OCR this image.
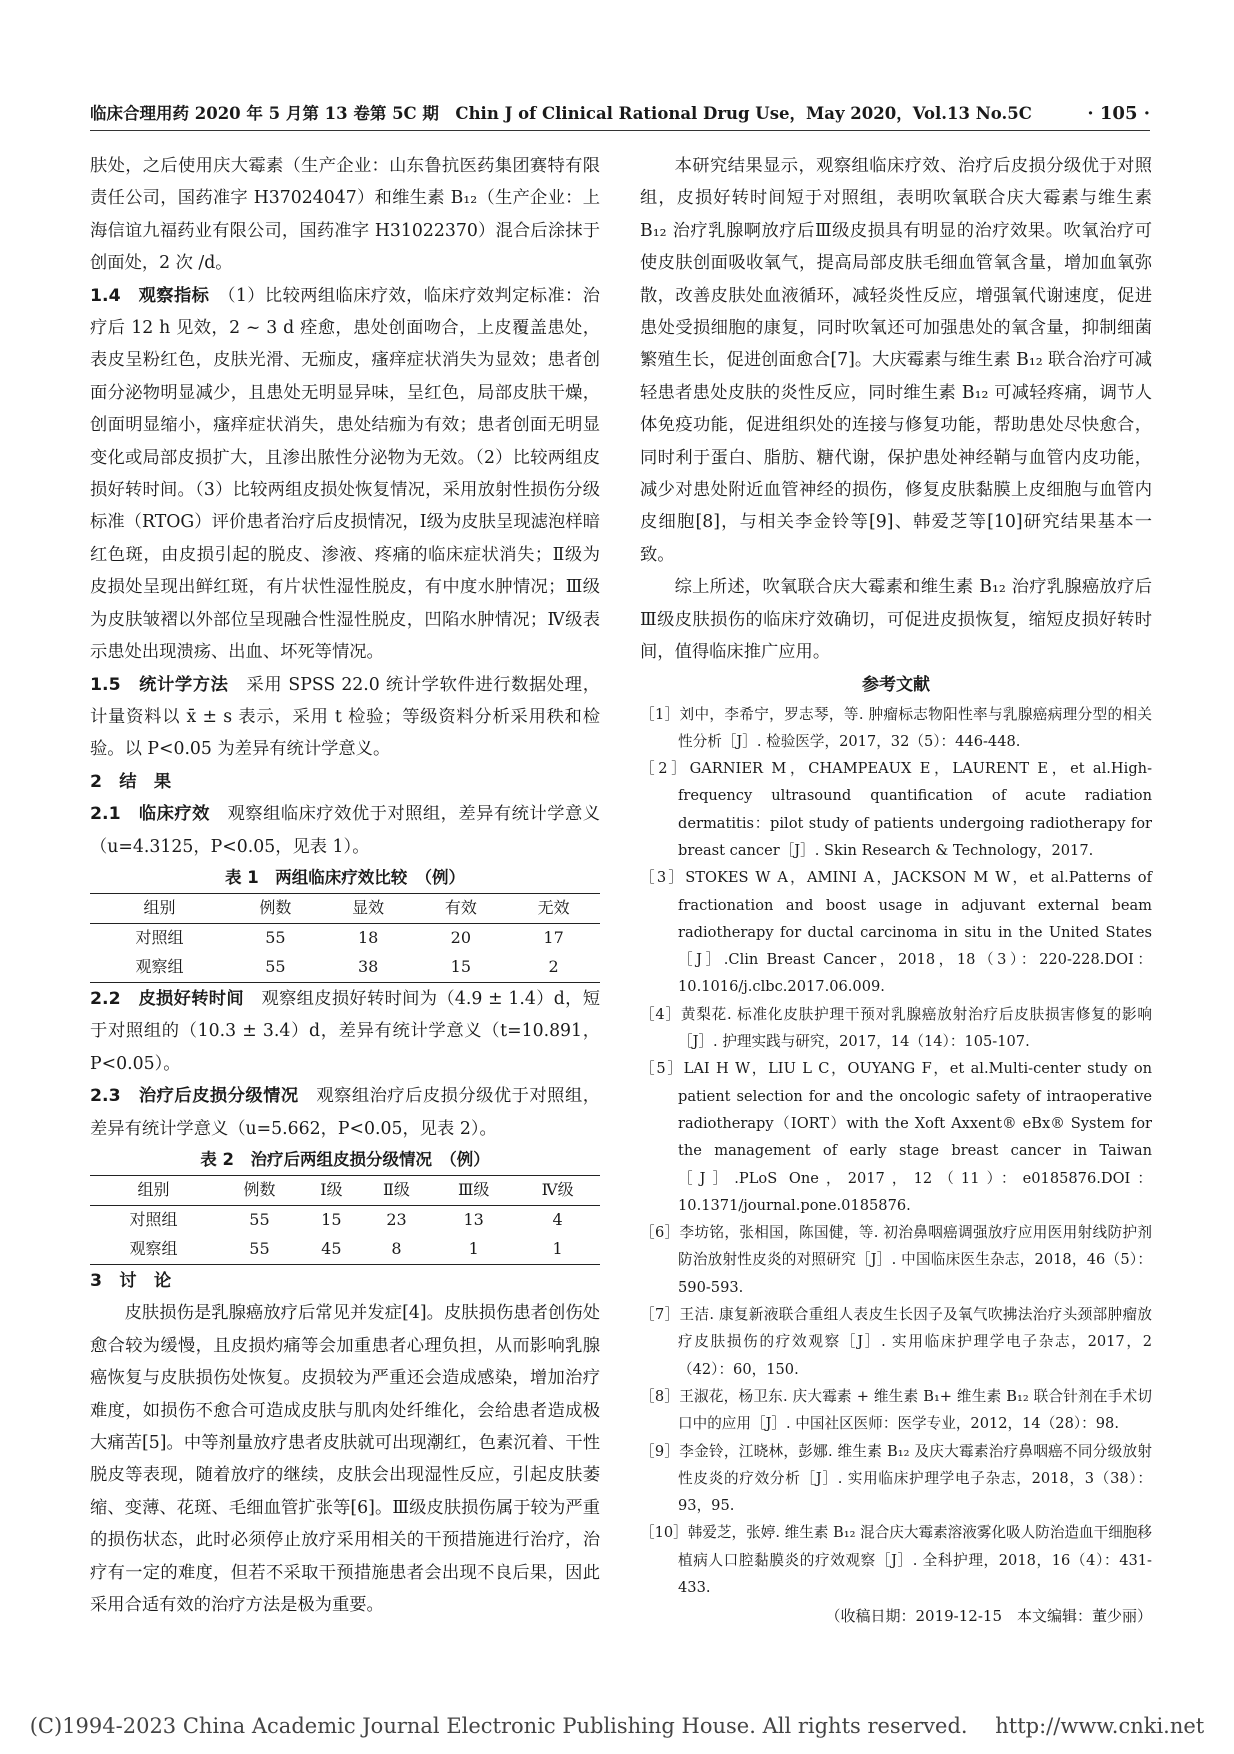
临床合理用药 2020 年 5 月第 13 卷第 5C 期　Chin J of Clinical Rational Drug Use，May 2020，Vol.13 No.5C	· 105 ·

肤处，之后使用庆大霉素（生产企业：山东鲁抗医药集团赛特有限责任公司，国药准字 H37024047）和维生素 B₁₂（生产企业：上海信谊九福药业有限公司，国药准字 H31022370）混合后涂抹于创面处，2 次 /d。

1.4　观察指标　 （1）比较两组临床疗效，临床疗效判定标准：治疗后 12 h 见效，2 ~ 3 d 痊愈，患处创面吻合，上皮覆盖患处，表皮呈粉红色，皮肤光滑、无痂皮，瘙痒症状消失为显效；患者创面分泌物明显减少，且患处无明显异味，呈红色，局部皮肤干燥，创面明显缩小，瘙痒症状消失，患处结痂为有效；患者创面无明显变化或局部皮损扩大，且渗出脓性分泌物为无效。（2）比较两组皮损好转时间。（3）比较两组皮损处恢复情况，采用放射性损伤分级标准（RTOG）评价患者治疗后皮损情况，Ⅰ级为皮肤呈现滤泡样暗红色斑，由皮损引起的脱皮、渗液、疼痛的临床症状消失；Ⅱ级为皮损处呈现出鲜红斑，有片状性湿性脱皮，有中度水肿情况；Ⅲ级为皮肤皱褶以外部位呈现融合性湿性脱皮，凹陷水肿情况；Ⅳ级表示患处出现溃疡、出血、坏死等情况。

1.5　统计学方法　 采用 SPSS 22.0 统计学软件进行数据处理，计量资料以 x̄ ± s 表示，采用 t 检验；等级资料分析采用秩和检验。以 P<0.05 为差异有统计学意义。

2　结　果

2.1　临床疗效　 观察组临床疗效优于对照组，差异有统计学意义（u=4.3125，P<0.05，见表 1）。

表 1　两组临床疗效比较　（例）

组别	例数	显效	有效	无效
对照组	55	18	20	17
观察组	55	38	15	2

2.2　皮损好转时间　 观察组皮损好转时间为（4.9 ± 1.4）d，短于对照组的（10.3 ± 3.4）d，差异有统计学意义（t=10.891，P<0.05）。

2.3　治疗后皮损分级情况　 观察组治疗后皮损分级优于对照组，差异有统计学意义（u=5.662，P<0.05，见表 2）。

表 2　治疗后两组皮损分级情况　（例）

组别	例数	Ⅰ级	Ⅱ级	Ⅲ级	Ⅳ级
对照组	55	15	23	13	4
观察组	55	45	8	1	1

3　讨　论

皮肤损伤是乳腺癌放疗后常见并发症[4]。皮肤损伤患者创伤处愈合较为缓慢，且皮损灼痛等会加重患者心理负担，从而影响乳腺癌恢复与皮肤损伤处恢复。皮损较为严重还会造成感染，增加治疗难度，如损伤不愈合可造成皮肤与肌肉处纤维化，会给患者造成极大痛苦[5]。中等剂量放疗患者皮肤就可出现潮红，色素沉着、干性脱皮等表现，随着放疗的继续，皮肤会出现湿性反应，引起皮肤萎缩、变薄、花斑、毛细血管扩张等[6]。Ⅲ级皮肤损伤属于较为严重的损伤状态，此时必须停止放疗采用相关的干预措施进行治疗，治疗有一定的难度，但若不采取干预措施患者会出现不良后果，因此采用合适有效的治疗方法是极为重要。

本研究结果显示，观察组临床疗效、治疗后皮损分级优于对照组，皮损好转时间短于对照组，表明吹氧联合庆大霉素与维生素 B₁₂ 治疗乳腺啊放疗后Ⅲ级皮损具有明显的治疗效果。吹氧治疗可使皮肤创面吸收氧气，提高局部皮肤毛细血管氧含量，增加血氧弥散，改善皮肤处血液循环，减轻炎性反应，增强氧代谢速度，促进患处受损细胞的康复，同时吹氧还可加强患处的氧含量，抑制细菌繁殖生长，促进创面愈合[7]。大庆霉素与维生素 B₁₂ 联合治疗可减轻患者患处皮肤的炎性反应，同时维生素 B₁₂ 可减轻疼痛，调节人体免疫功能，促进组织处的连接与修复功能，帮助患处尽快愈合，同时利于蛋白、脂肪、糖代谢，保护患处神经鞘与血管内皮功能，减少对患处附近血管神经的损伤，修复皮肤黏膜上皮细胞与血管内皮细胞[8]，与相关李金铃等[9]、韩爱芝等[10]研究结果基本一致。

综上所述，吹氧联合庆大霉素和维生素 B₁₂ 治疗乳腺癌放疗后Ⅲ级皮肤损伤的临床疗效确切，可促进皮损恢复，缩短皮损好转时间，值得临床推广应用。

参考文献

［1］刘中，李希宁，罗志琴，等. 肿瘤标志物阳性率与乳腺癌病理分型的相关性分析［J］. 检验医学，2017，32（5）：446-448.

［2］GARNIER M，CHAMPEAUX E，LAURENT E，et al.High-frequency ultrasound quantification of acute radiation dermatitis：pilot study of patients undergoing radiotherapy for breast cancer［J］. Skin Research & Technology，2017.

［3］STOKES W A，AMINI A，JACKSON M W，et al.Patterns of fractionation and boost usage in adjuvant external beam radiotherapy for ductal carcinoma in situ in the United States［J］.Clin Breast Cancer，2018，18（3）：220-228.DOI：10.1016/j.clbc.2017.06.009.

［4］黄梨花. 标准化皮肤护理干预对乳腺癌放射治疗后皮肤损害修复的影响［J］. 护理实践与研究，2017，14（14）：105-107.

［5］LAI H W，LIU L C，OUYANG F，et al.Multi-center study on patient selection for and the oncologic safety of intraoperative radiotherapy（IORT）with the Xoft Axxent® eBx® System for the management of early stage breast cancer in Taiwan［J］.PLoS One，2017，12（11）：e0185876.DOI：10.1371/journal.pone.0185876.

［6］李坊铭，张相国，陈国健，等. 初治鼻咽癌调强放疗应用医用射线防护剂防治放射性皮炎的对照研究［J］. 中国临床医生杂志，2018，46（5）：590-593.

［7］王洁. 康复新液联合重组人表皮生长因子及氧气吹拂法治疗头颈部肿瘤放疗皮肤损伤的疗效观察［J］. 实用临床护理学电子杂志，2017，2（42）：60，150.

［8］王淑花，杨卫东. 庆大霉素 + 维生素 B₁+ 维生素 B₁₂ 联合针剂在手术切口中的应用［J］. 中国社区医师：医学专业，2012，14（28）：98.

［9］李金铃，江晓林，彭娜. 维生素 B₁₂ 及庆大霉素治疗鼻咽癌不同分级放射性皮炎的疗效分析［J］. 实用临床护理学电子杂志，2018，3（38）：93，95.

［10］韩爱芝，张婷. 维生素 B₁₂ 混合庆大霉素溶液雾化吸人防治造血干细胞移植病人口腔黏膜炎的疗效观察［J］. 全科护理，2018，16（4）：431-433.

（收稿日期：2019-12-15　本文编辑：董少丽）

(C)1994-2023 China Academic Journal Electronic Publishing House. All rights reserved.　 http://www.cnki.net
